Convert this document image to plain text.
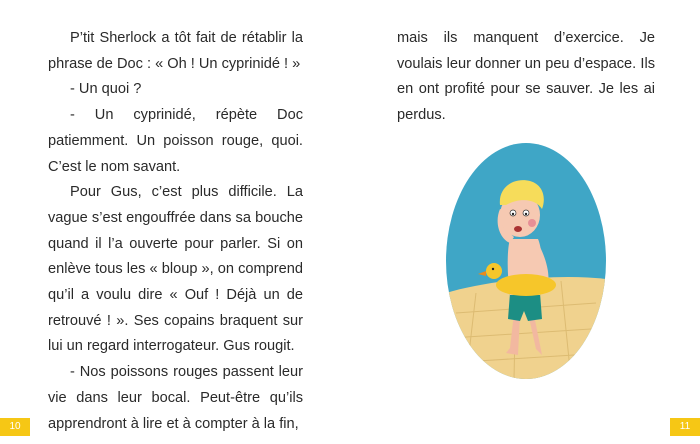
P’tit Sherlock a tôt fait de rétablir la phrase de Doc : « Oh ! Un cyprinidé ! »

- Un quoi ?

- Un cyprinidé, répète Doc patiemment. Un poisson rouge, quoi. C’est le nom savant.

Pour Gus, c’est plus difficile. La vague s’est engouffrée dans sa bouche quand il l’a ouverte pour parler. Si on enlève tous les « bloup », on comprend qu’il a voulu dire « Ouf ! Déjà un de retrouvé ! ». Ses copains braquent sur lui un regard interrogateur. Gus rougit.

- Nos poissons rouges passent leur vie dans leur bocal. Peut-être qu’ils apprendront à lire et à compter à la fin,

10	11

mais ils manquent d’exercice. Je voulais leur donner un peu d’espace. Ils en ont profité pour se sauver. Je les ai perdus.
